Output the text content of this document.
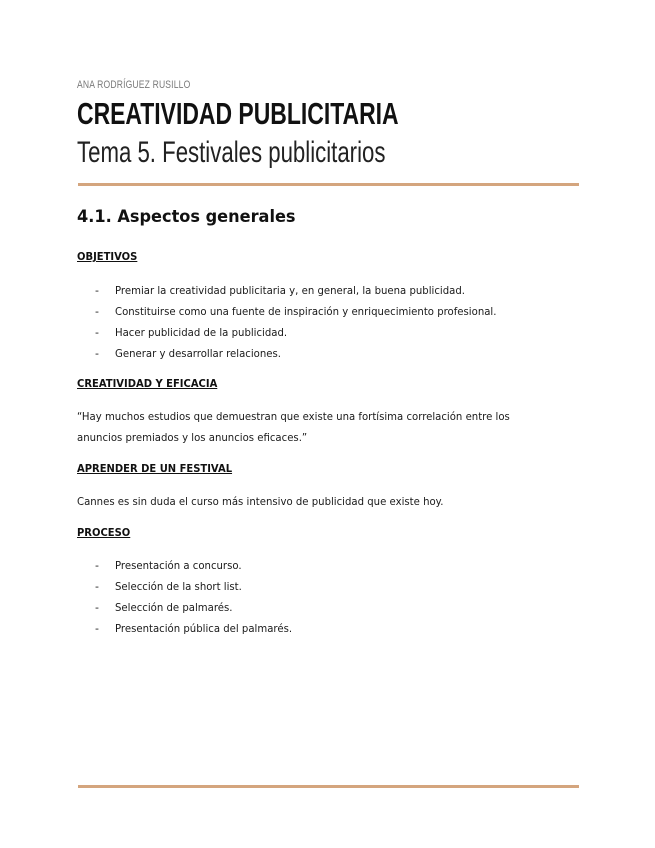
ANA RODRÍGUEZ RUSILLO
CREATIVIDAD PUBLICITARIA
Tema 5. Festivales publicitarios
4.1. Aspectos generales
OBJETIVOS
- Premiar la creatividad publicitaria y, en general, la buena publicidad.
- Constituirse como una fuente de inspiración y enriquecimiento profesional.
- Hacer publicidad de la publicidad.
- Generar y desarrollar relaciones.
CREATIVIDAD Y EFICACIA
“Hay muchos estudios que demuestran que existe una fortísima correlación entre los
anuncios premiados y los anuncios eficaces.”
APRENDER DE UN FESTIVAL
Cannes es sin duda el curso más intensivo de publicidad que existe hoy.
PROCESO
- Presentación a concurso.
- Selección de la short list.
- Selección de palmarés.
- Presentación pública del palmarés.
